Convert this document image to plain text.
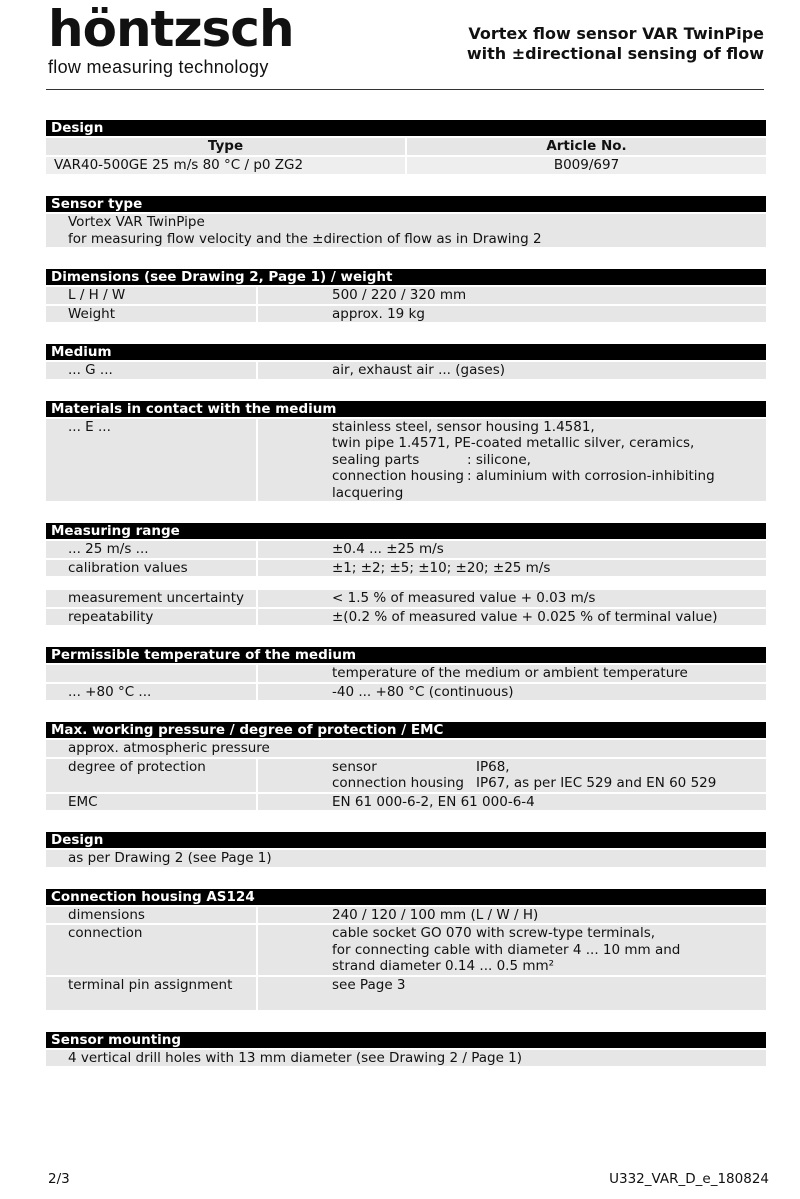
höntzsch
flow measuring technology
Vortex flow sensor VAR TwinPipe
with ±directional sensing of flow
Design
Type	Article No.
VAR40-500GE 25 m/s 80 °C / p0 ZG2	B009/697
Sensor type
Vortex VAR TwinPipe
for measuring flow velocity and the ±direction of flow as in Drawing 2
Dimensions (see Drawing 2, Page 1) / weight
L / H / W	500 / 220 / 320 mm
Weight	approx. 19 kg
Medium
... G ...	air, exhaust air ... (gases)
Materials in contact with the medium
... E ...	stainless steel, sensor housing 1.4581,
twin pipe 1.4571, PE-coated metallic silver, ceramics,
sealing parts	: silicone,
connection housing : aluminium with corrosion-inhibiting
lacquering
Measuring range
... 25 m/s ...	±0.4 ... ±25 m/s
calibration values	±1; ±2; ±5; ±10; ±20; ±25 m/s
measurement uncertainty	< 1.5 % of measured value + 0.03 m/s
repeatability	±(0.2 % of measured value + 0.025 % of terminal value)
Permissible temperature of the medium
temperature of the medium or ambient temperature
... +80 °C ...	-40 ... +80 °C (continuous)
Max. working pressure / degree of protection / EMC
approx. atmospheric pressure
degree of protection	sensor	IP68,
connection housing IP67, as per IEC 529 and EN 60 529
EMC	EN 61 000-6-2, EN 61 000-6-4
Design
as per Drawing 2 (see Page 1)
Connection housing AS124
dimensions	240 / 120 / 100 mm (L / W / H)
connection	cable socket GO 070 with screw-type terminals,
for connecting cable with diameter 4 ... 10 mm and
strand diameter 0.14 ... 0.5 mm²
terminal pin assignment	see Page 3
Sensor mounting
4 vertical drill holes with 13 mm diameter (see Drawing 2 / Page 1)
2/3	U332_VAR_D_e_180824
